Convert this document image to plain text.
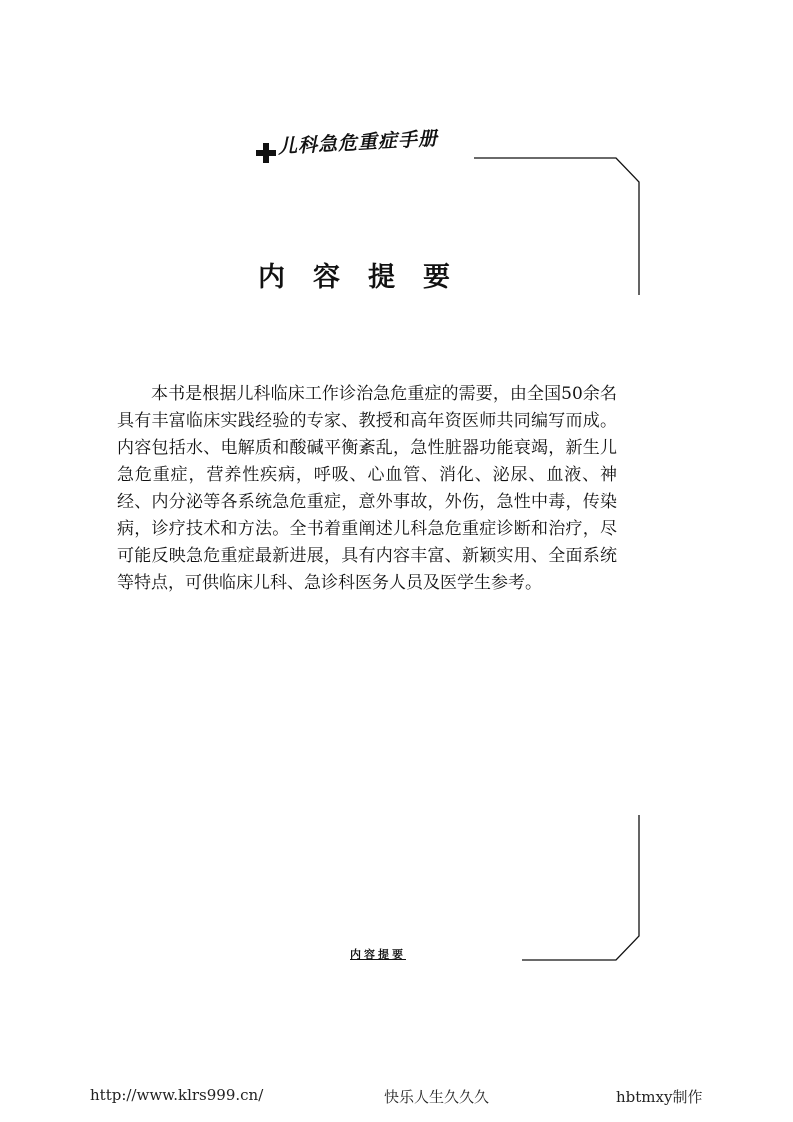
儿科急危重症手册
内容提要

本书是根据儿科临床工作诊治急危重症的需要，由全国50余名具有丰富临床实践经验的专家、教授和高年资医师共同编写而成。内容包括水、电解质和酸碱平衡紊乱，急性脏器功能衰竭，新生儿急危重症，营养性疾病，呼吸、心血管、消化、泌尿、血液、神经、内分泌等各系统急危重症，意外事故，外伤，急性中毒，传染病，诊疗技术和方法。全书着重阐述儿科急危重症诊断和治疗，尽可能反映急危重症最新进展，具有内容丰富、新颖实用、全面系统等特点，可供临床儿科、急诊科医务人员及医学生参考。

内容提要
http://www.klrs999.cn/	快乐人生久久久	hbtmxy制作
